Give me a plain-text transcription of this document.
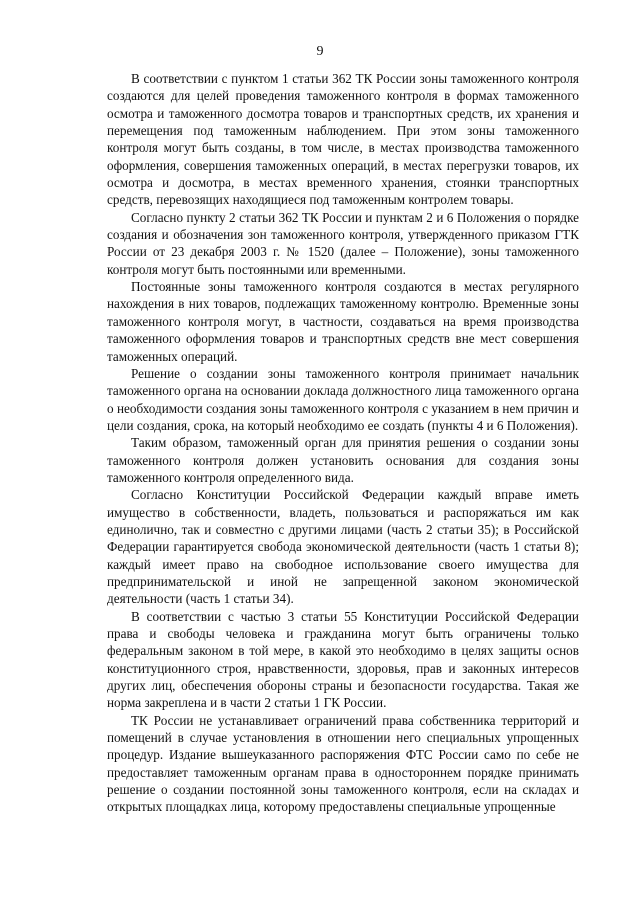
9

В соответствии с пунктом 1 статьи 362 ТК России зоны таможенного контроля создаются для целей проведения таможенного контроля в формах таможенного осмотра и таможенного досмотра товаров и транспортных средств, их хранения и перемещения под таможенным наблюдением. При этом зоны таможенного контроля могут быть созданы, в том числе, в местах производства таможенного оформления, совершения таможенных операций, в местах перегрузки товаров, их осмотра и досмотра, в местах временного хранения, стоянки транспортных средств, перевозящих находящиеся под таможенным контролем товары.

Согласно пункту 2 статьи 362 ТК России и пунктам 2 и 6 Положения о порядке создания и обозначения зон таможенного контроля, утвержденного приказом ГТК России от 23 декабря 2003 г. № 1520 (далее – Положение), зоны таможенного контроля могут быть постоянными или временными.

Постоянные зоны таможенного контроля создаются в местах регулярного нахождения в них товаров, подлежащих таможенному контролю. Временные зоны таможенного контроля могут, в частности, создаваться на время производства таможенного оформления товаров и транспортных средств вне мест совершения таможенных операций.

Решение о создании зоны таможенного контроля принимает начальник таможенного органа на основании доклада должностного лица таможенного органа о необходимости создания зоны таможенного контроля с указанием в нем причин и цели создания, срока, на который необходимо ее создать (пункты 4 и 6 Положения).

Таким образом, таможенный орган для принятия решения о создании зоны таможенного контроля должен установить основания для создания зоны таможенного контроля определенного вида.

Согласно Конституции Российской Федерации каждый вправе иметь имущество в собственности, владеть, пользоваться и распоряжаться им как единолично, так и совместно с другими лицами (часть 2 статьи 35); в Российской Федерации гарантируется свобода экономической деятельности (часть 1 статьи 8); каждый имеет право на свободное использование своего имущества для предпринимательской и иной не запрещенной законом экономической деятельности (часть 1 статьи 34).

В соответствии с частью 3 статьи 55 Конституции Российской Федерации права и свободы человека и гражданина могут быть ограничены только федеральным законом в той мере, в какой это необходимо в целях защиты основ конституционного строя, нравственности, здоровья, прав и законных интересов других лиц, обеспечения обороны страны и безопасности государства. Такая же норма закреплена и в части 2 статьи 1 ГК России.

ТК России не устанавливает ограничений права собственника территорий и помещений в случае установления в отношении него специальных упрощенных процедур. Издание вышеуказанного распоряжения ФТС России само по себе не предоставляет таможенным органам права в одностороннем порядке принимать решение о создании постоянной зоны таможенного контроля, если на складах и открытых площадках лица, которому предоставлены специальные упрощенные
